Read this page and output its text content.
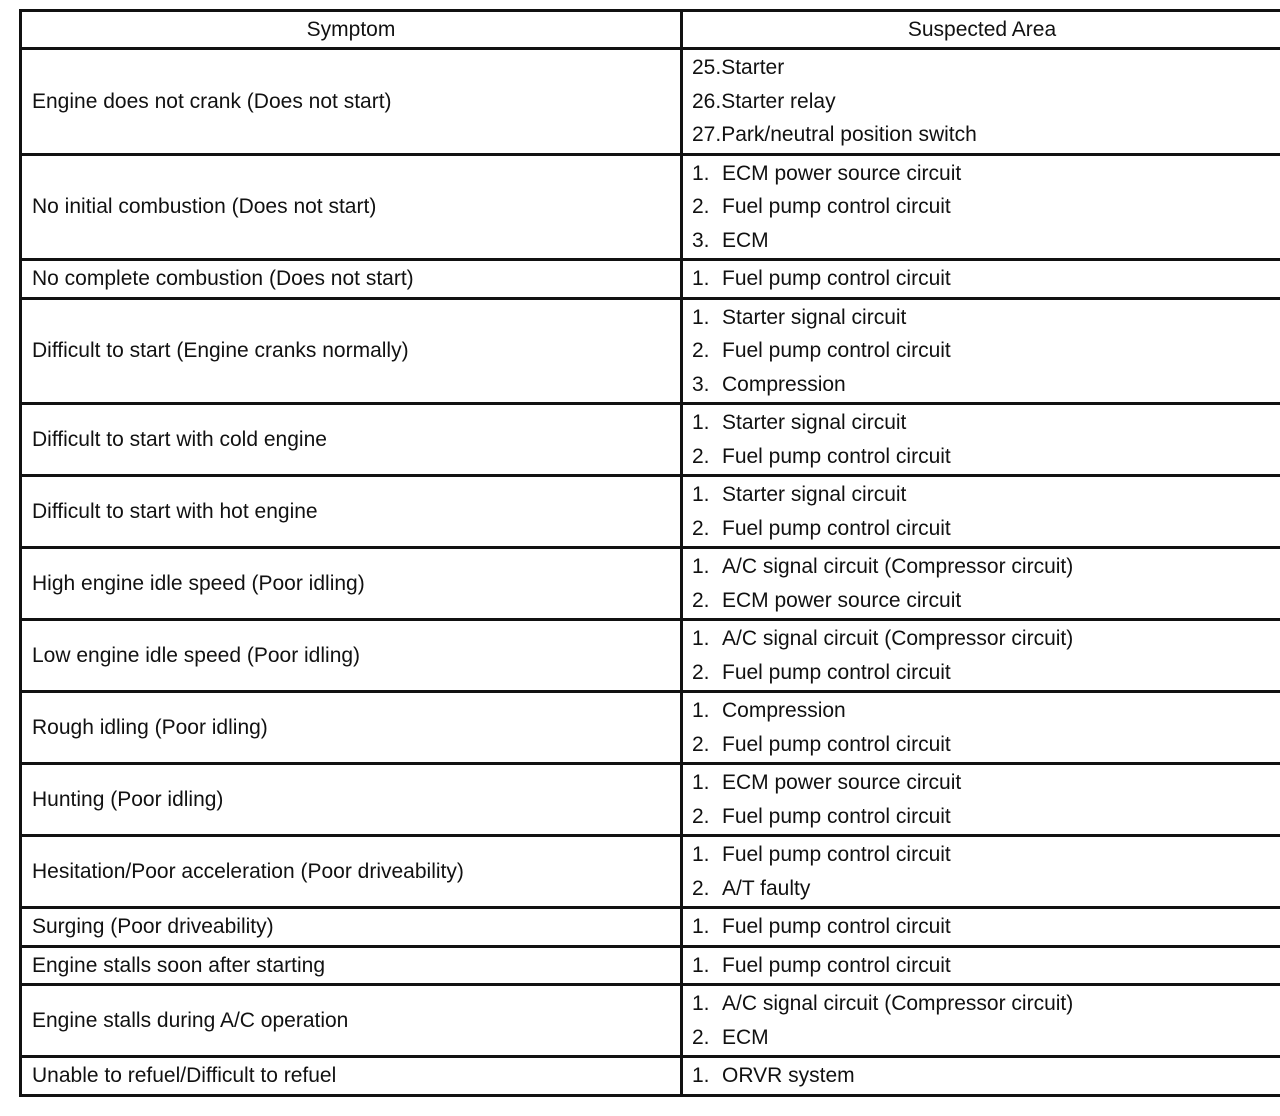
Symptom	Suspected Area
Engine does not crank (Does not start)	25.Starter
26.Starter relay
27.Park/neutral position switch

No initial combustion (Does not start)	1. ECM power source circuit
2. Fuel pump control circuit
3. ECM

No complete combustion (Does not start)	1. Fuel pump control circuit

Difficult to start (Engine cranks normally)	1. Starter signal circuit
2. Fuel pump control circuit
3. Compression

Difficult to start with cold engine	1. Starter signal circuit
2. Fuel pump control circuit

Difficult to start with hot engine	1. Starter signal circuit
2. Fuel pump control circuit

High engine idle speed (Poor idling)	1. A/C signal circuit (Compressor circuit)
2. ECM power source circuit

Low engine idle speed (Poor idling)	1. A/C signal circuit (Compressor circuit)
2. Fuel pump control circuit

Rough idling (Poor idling)	1. Compression
2. Fuel pump control circuit

Hunting (Poor idling)	1. ECM power source circuit
2. Fuel pump control circuit

Hesitation/Poor acceleration (Poor driveability)	1. Fuel pump control circuit
2. A/T faulty

Surging (Poor driveability)	1. Fuel pump control circuit

Engine stalls soon after starting	1. Fuel pump control circuit

Engine stalls during A/C operation	1. A/C signal circuit (Compressor circuit)
2. ECM

Unable to refuel/Difficult to refuel	1. ORVR system
